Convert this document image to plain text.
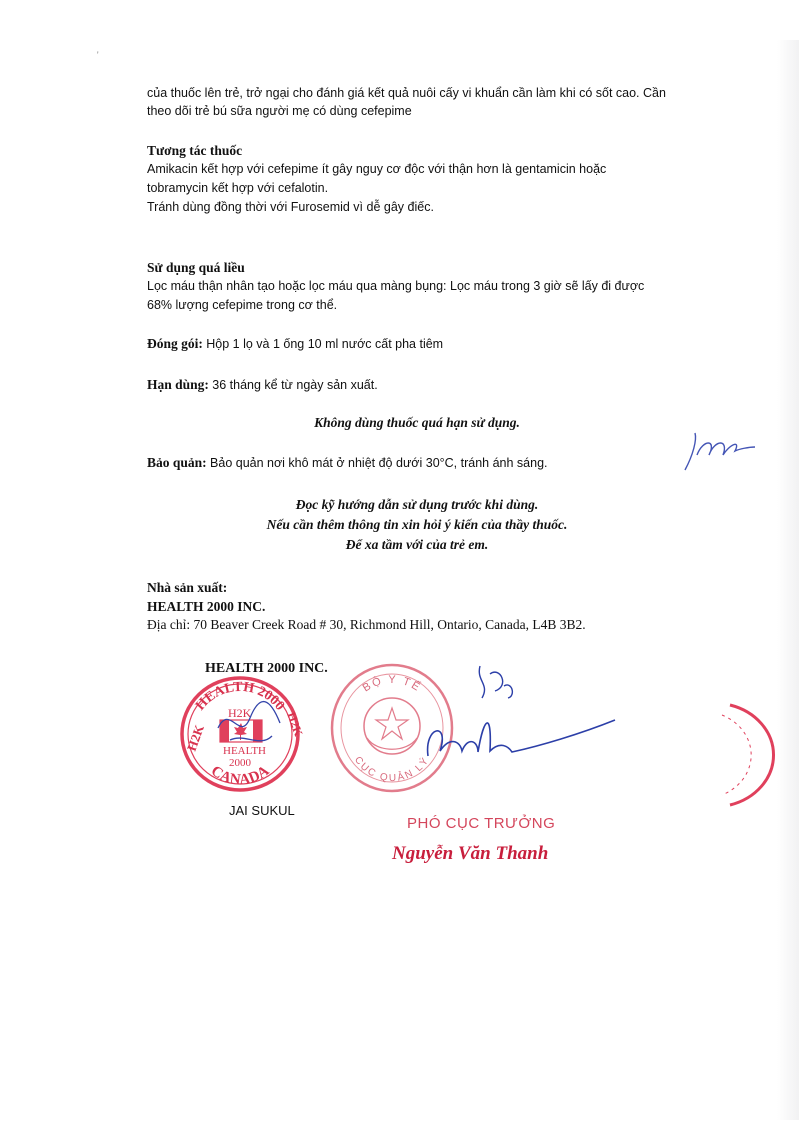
'
của thuốc lên trẻ, trở ngại cho đánh giá kết quả nuôi cấy vi khuẩn cần làm khi có sốt cao. Cần
theo dõi trẻ bú sữa người mẹ có dùng cefepime
Tương tác thuốc
Amikacin kết hợp với cefepime ít gây nguy cơ độc với thận hơn là gentamicin hoặc
tobramycin kết hợp với cefalotin.
Tránh dùng đồng thời với Furosemid vì dễ gây điếc.
Sử dụng quá liều
Lọc máu thận nhân tạo hoặc lọc máu qua màng bụng: Lọc máu trong 3 giờ sẽ lấy đi được
68% lượng cefepime trong cơ thể.
Đóng gói: Hộp 1 lọ và 1 ống 10 ml nước cất pha tiêm
Hạn dùng: 36 tháng kể từ ngày sản xuất.
Không dùng thuốc quá hạn sử dụng.
Bảo quản: Bảo quản nơi khô mát ở nhiệt độ dưới 30°C, tránh ánh sáng.
Đọc kỹ hướng dẫn sử dụng trước khi dùng.
Nếu cần thêm thông tin xin hỏi ý kiến của thầy thuốc.
Để xa tầm với của trẻ em.
Nhà sản xuất:
HEALTH 2000 INC.
Địa chỉ: 70 Beaver Creek Road # 30, Richmond Hill, Ontario, Canada, L4B 3B2.
HEALTH 2000
CANADA
H2K	H2K
H2K
HEALTH
2000
HEALTH 2000 INC.
JAI SUKUL
BỘ Y TẾ
CỤC QUẢN LÝ
PHÓ CỤC TRƯỞNG
Nguyễn Văn Thanh
